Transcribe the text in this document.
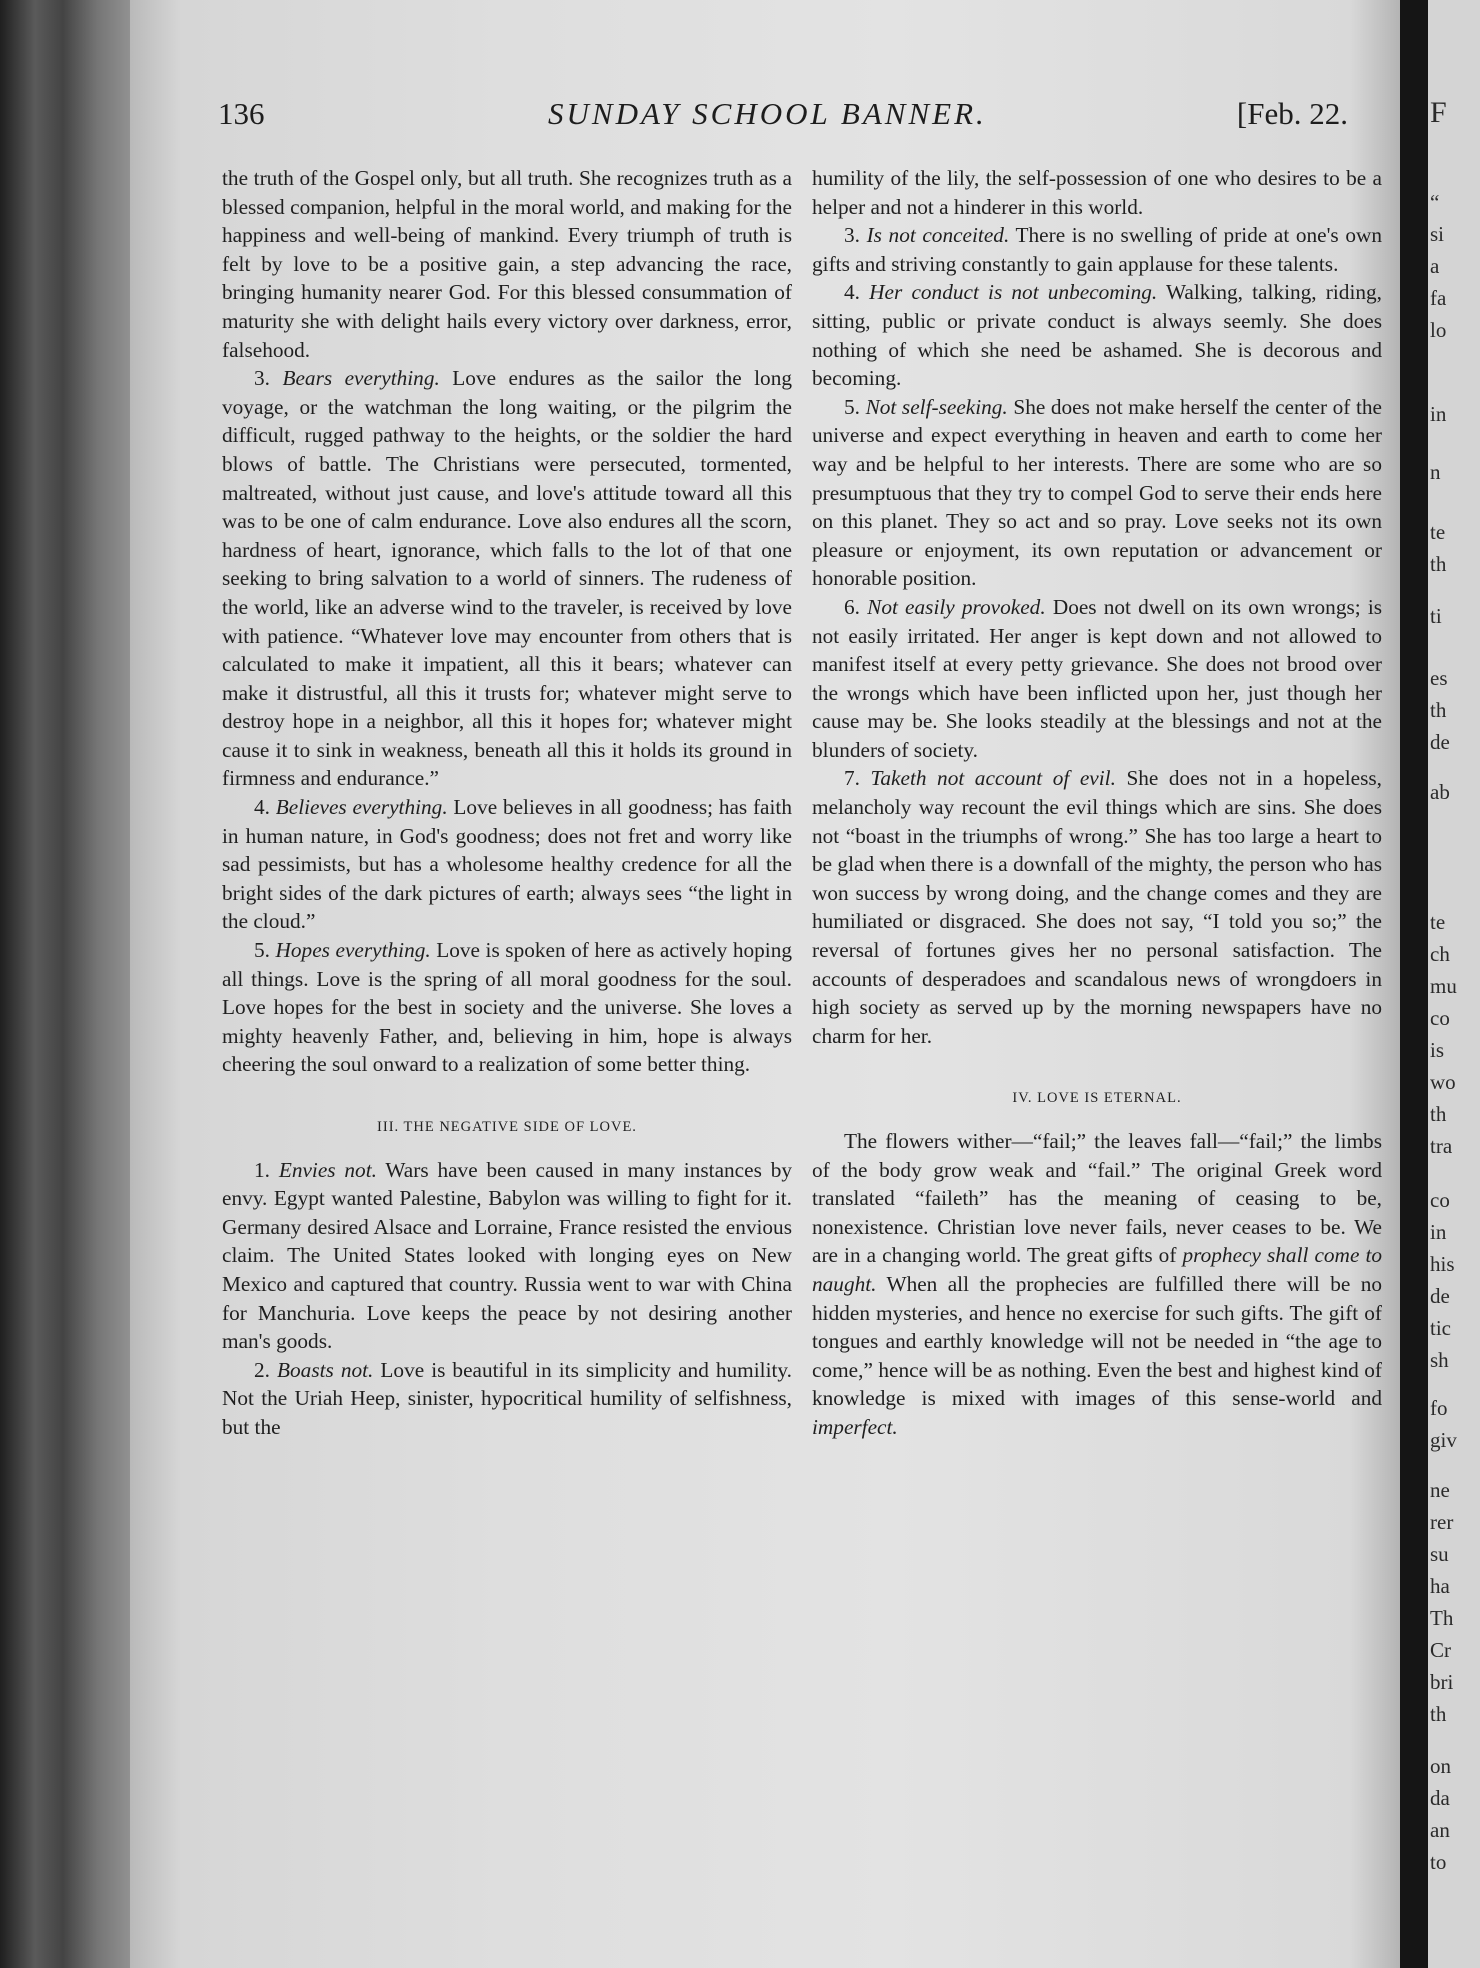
136	SUNDAY SCHOOL BANNER.	[Feb. 22.

the truth of the Gospel only, but all truth. She recognizes truth as a blessed companion, helpful in the moral world, and making for the happiness and well-being of mankind. Every triumph of truth is felt by love to be a positive gain, a step advancing the race, bringing humanity nearer God. For this blessed consummation of maturity she with delight hails every victory over darkness, error, falsehood.

3. Bears everything. Love endures as the sailor the long voyage, or the watchman the long waiting, or the pilgrim the difficult, rugged pathway to the heights, or the soldier the hard blows of battle. The Christians were persecuted, tormented, maltreated, without just cause, and love's attitude toward all this was to be one of calm endurance. Love also endures all the scorn, hardness of heart, ignorance, which falls to the lot of that one seeking to bring salvation to a world of sinners. The rudeness of the world, like an adverse wind to the traveler, is received by love with patience. “Whatever love may encounter from others that is calculated to make it impatient, all this it bears; whatever can make it distrustful, all this it trusts for; whatever might serve to destroy hope in a neighbor, all this it hopes for; whatever might cause it to sink in weakness, beneath all this it holds its ground in firmness and endurance.”

4. Believes everything. Love believes in all goodness; has faith in human nature, in God's goodness; does not fret and worry like sad pessimists, but has a wholesome healthy credence for all the bright sides of the dark pictures of earth; always sees “the light in the cloud.”

5. Hopes everything. Love is spoken of here as actively hoping all things. Love is the spring of all moral goodness for the soul. Love hopes for the best in society and the universe. She loves a mighty heavenly Father, and, believing in him, hope is always cheering the soul onward to a realization of some better thing.

III. THE NEGATIVE SIDE OF LOVE.

1. Envies not. Wars have been caused in many instances by envy. Egypt wanted Palestine, Babylon was willing to fight for it. Germany desired Alsace and Lorraine, France resisted the envious claim. The United States looked with longing eyes on New Mexico and captured that country. Russia went to war with China for Manchuria. Love keeps the peace by not desiring another man's goods.

2. Boasts not. Love is beautiful in its simplicity and humility. Not the Uriah Heep, sinister, hypocritical humility of selfishness, but the

humility of the lily, the self-possession of one who desires to be a helper and not a hinderer in this world.

3. Is not conceited. There is no swelling of pride at one's own gifts and striving constantly to gain applause for these talents.

4. Her conduct is not unbecoming. Walking, talking, riding, sitting, public or private conduct is always seemly. She does nothing of which she need be ashamed. She is decorous and becoming.

5. Not self-seeking. She does not make herself the center of the universe and expect everything in heaven and earth to come her way and be helpful to her interests. There are some who are so presumptuous that they try to compel God to serve their ends here on this planet. They so act and so pray. Love seeks not its own pleasure or enjoyment, its own reputation or advancement or honorable position.

6. Not easily provoked. Does not dwell on its own wrongs; is not easily irritated. Her anger is kept down and not allowed to manifest itself at every petty grievance. She does not brood over the wrongs which have been inflicted upon her, just though her cause may be. She looks steadily at the blessings and not at the blunders of society.

7. Taketh not account of evil. She does not in a hopeless, melancholy way recount the evil things which are sins. She does not “boast in the triumphs of wrong.” She has too large a heart to be glad when there is a downfall of the mighty, the person who has won success by wrong doing, and the change comes and they are humiliated or disgraced. She does not say, “I told you so;” the reversal of fortunes gives her no personal satisfaction. The accounts of desperadoes and scandalous news of wrongdoers in high society as served up by the morning newspapers have no charm for her.

IV. LOVE IS ETERNAL.

The flowers wither—“fail;” the leaves fall—“fail;” the limbs of the body grow weak and “fail.” The original Greek word translated “faileth” has the meaning of ceasing to be, nonexistence. Christian love never fails, never ceases to be. We are in a changing world. The great gifts of prophecy shall come to naught. When all the prophecies are fulfilled there will be no hidden mysteries, and hence no exercise for such gifts. The gift of tongues and earthly knowledge will not be needed in “the age to come,” hence will be as nothing. Even the best and highest kind of knowledge is mixed with images of this sense-world and imperfect.

F
“
si
a
fa
lo
in
n
te
th
ti
es
th
de
ab
te
ch
mu
co
is
wo
th
tra
co
in
his
de
tic
sh
fo
giv
ne
rer
su
ha
Th
Cr
bri
th
on
da
an
to
